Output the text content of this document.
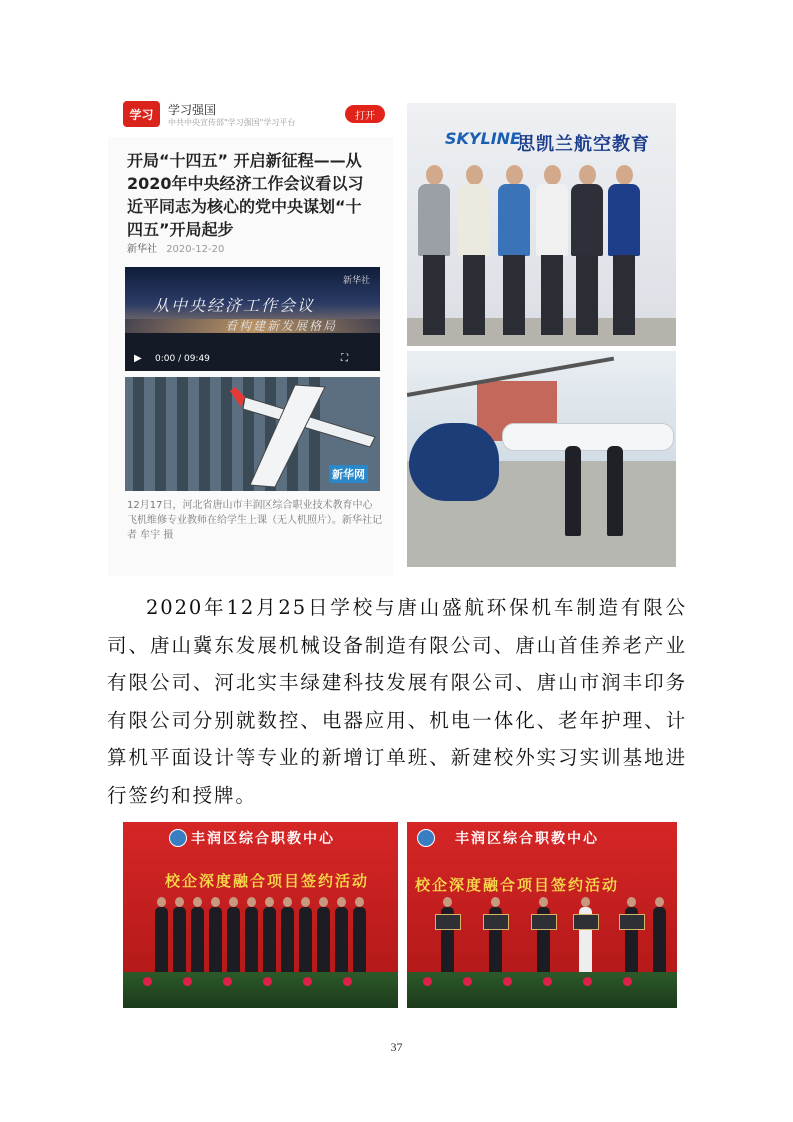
学习	学习强国
中共中央宣传部"学习强国"学习平台
打开
开局“十四五” 开启新征程——从2020年中央经济工作会议看以习近平同志为核心的党中央谋划“十四五”开局起步
新华社 2020-12-20
新华社
从中央经济工作会议
看构建新发展格局
▶ 0:00 / 09:49	⛶
新华网
12月17日，河北省唐山市丰润区综合职业技术教育中心飞机维修专业教师在给学生上课（无人机照片）。新华社记者 牟宇 摄
SKYLINE
思凯兰航空教育

2020年12月25日学校与唐山盛航环保机车制造有限公司、唐山冀东发展机械设备制造有限公司、唐山首佳养老产业有限公司、河北实丰绿建科技发展有限公司、唐山市润丰印务有限公司分别就数控、电器应用、机电一体化、老年护理、计算机平面设计等专业的新增订单班、新建校外实习实训基地进行签约和授牌。

丰润区综合职教中心
校企深度融合项目签约活动
丰润区综合职教中心
校企深度融合项目签约活动
37
